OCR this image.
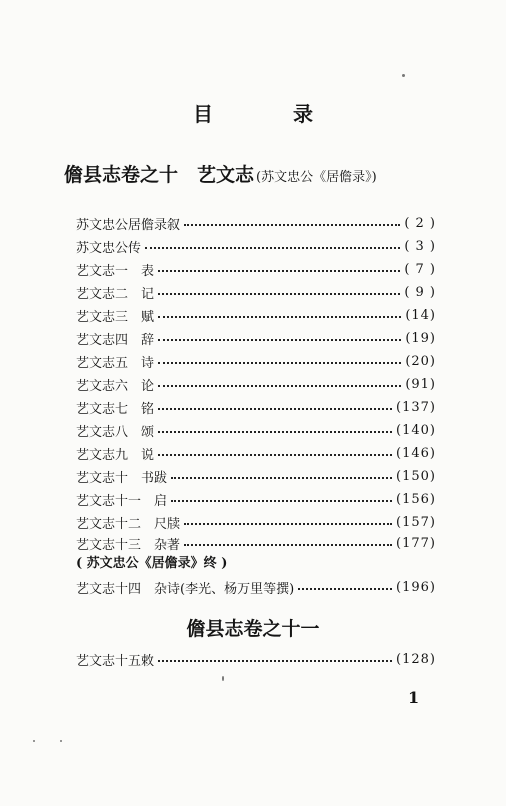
目　录
儋县志卷之十　艺文志 (苏文忠公《居儋录》)
苏文忠公居儋录叙	( 2 )
苏文忠公传	( 3 )
艺文志一　表	( 7 )
艺文志二　记	( 9 )
艺文志三　赋	(14)
艺文志四　辞	(19)
艺文志五　诗	(20)
艺文志六　论	(91)
艺文志七　铭	(137)
艺文志八　颂	(140)
艺文志九　说	(146)
艺文志十　书跋	(150)
艺文志十一　启	(156)
艺文志十二　尺牍	(157)
艺文志十三　杂著	(177)
( 苏文忠公《居儋录》终 )
艺文志十四　杂诗(李光、杨万里等撰)	(196)
儋县志卷之十一
艺文志十五敕	(128)
1
